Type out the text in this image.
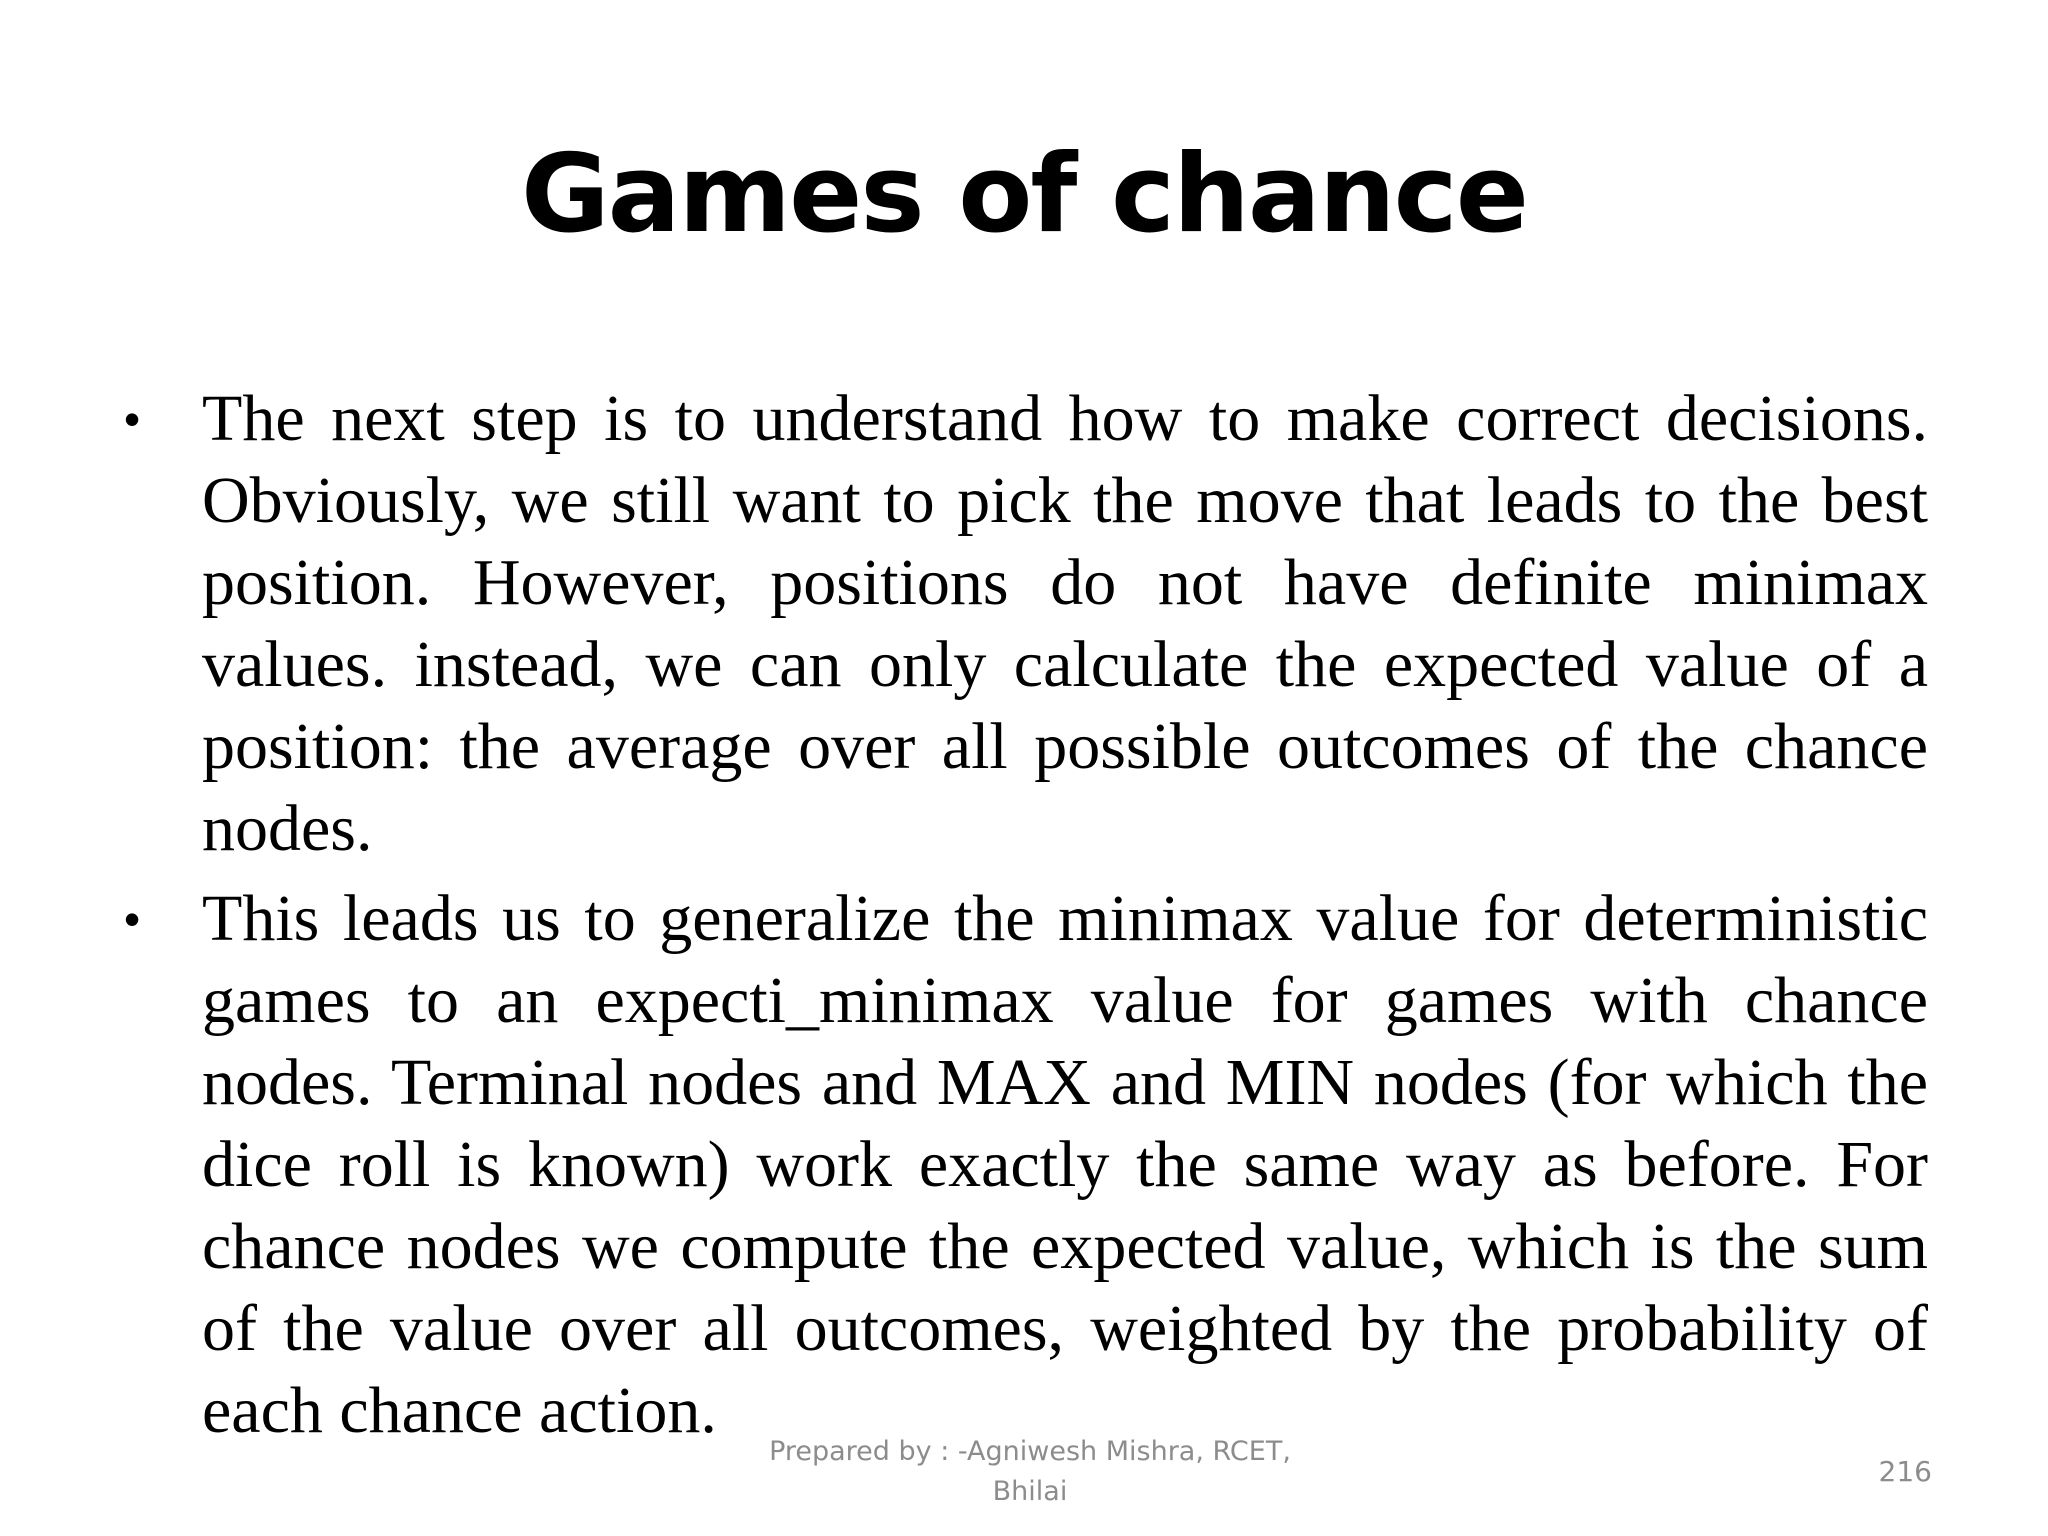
Games of chance
• The next step is to understand how to make correct decisions. Obviously, we still want to pick the move that leads to the best position. However, positions do not have definite minimax values. instead, we can only calculate the expected value of a position: the average over all possible outcomes of the chance nodes.
• This leads us to generalize the minimax value for deterministic games to an expecti_minimax value for games with chance nodes. Terminal nodes and MAX and MIN nodes (for which the dice roll is known) work exactly the same way as before. For chance nodes we compute the expected value, which is the sum of the value over all outcomes, weighted by the probability of each chance action.
Prepared by : -Agniwesh Mishra, RCET, Bhilai
216
